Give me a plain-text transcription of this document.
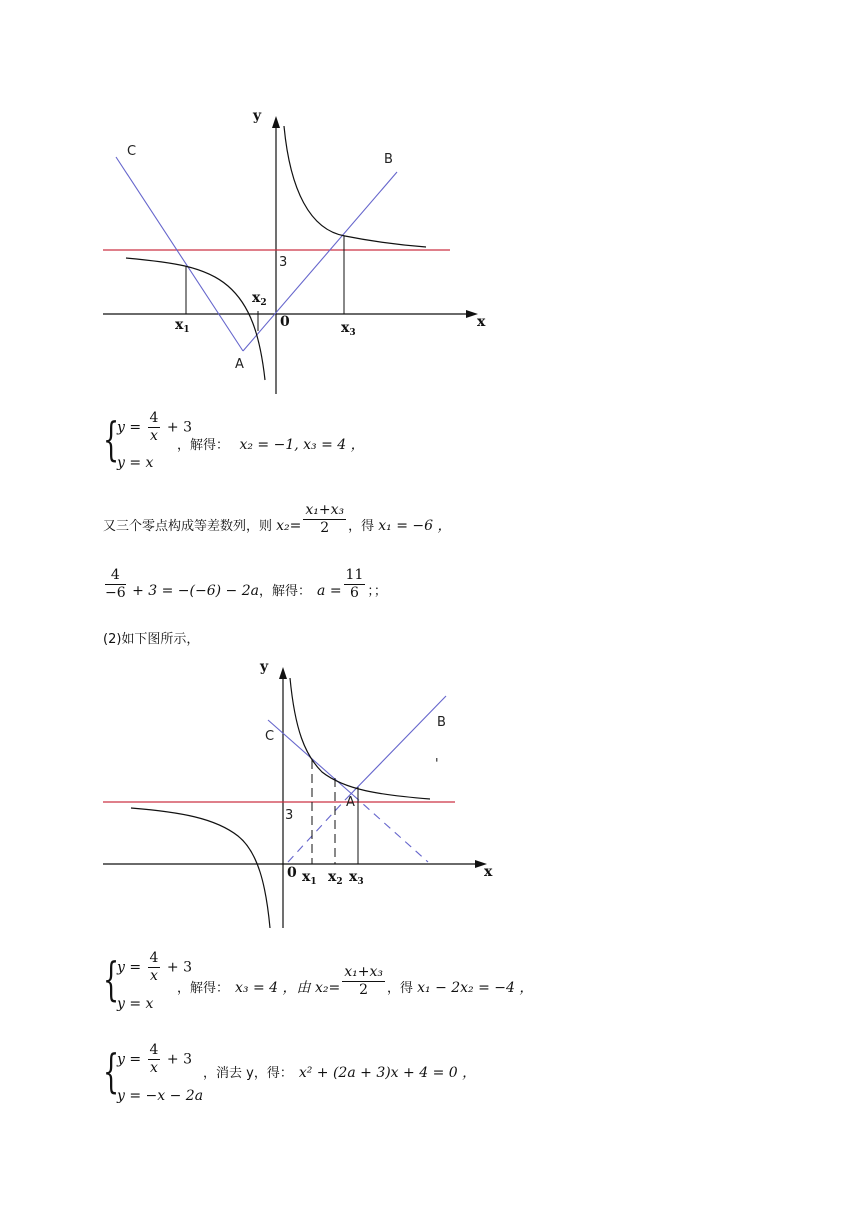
C
B
A
3
y
x
0
$x_1$
$x_2$
$x_3$
{
$y = \frac{4}{x} + 3$
y = x
，解得： x₂ = −1, x₃ = 4 ，
又三个零点构成等差数列，则 $x_2= \frac{\text{x₁+x₃}}{2}$ ，得 x₁ = −6 ，
$\frac{4}{-6} + 3 = -(-6) - 2a$，解得： $a = \frac{11}{6}$ ；；
(2)如下图所示，
C
B
A
3
'
y
x
0 $x_1$ $x_2$ $x_3$
{
$y = \frac{4}{x} + 3$
y = x
，解得： x₃ = 4 ，由 $x_2= \frac{\text{x₁+x₃}}{2}$ ，得 x₁ − 2x₂ = −4 ，
{
$y = \frac{4}{x} + 3$
y = −x − 2a
，消去 y，得： x² + (2a + 3)x + 4 = 0 ，
